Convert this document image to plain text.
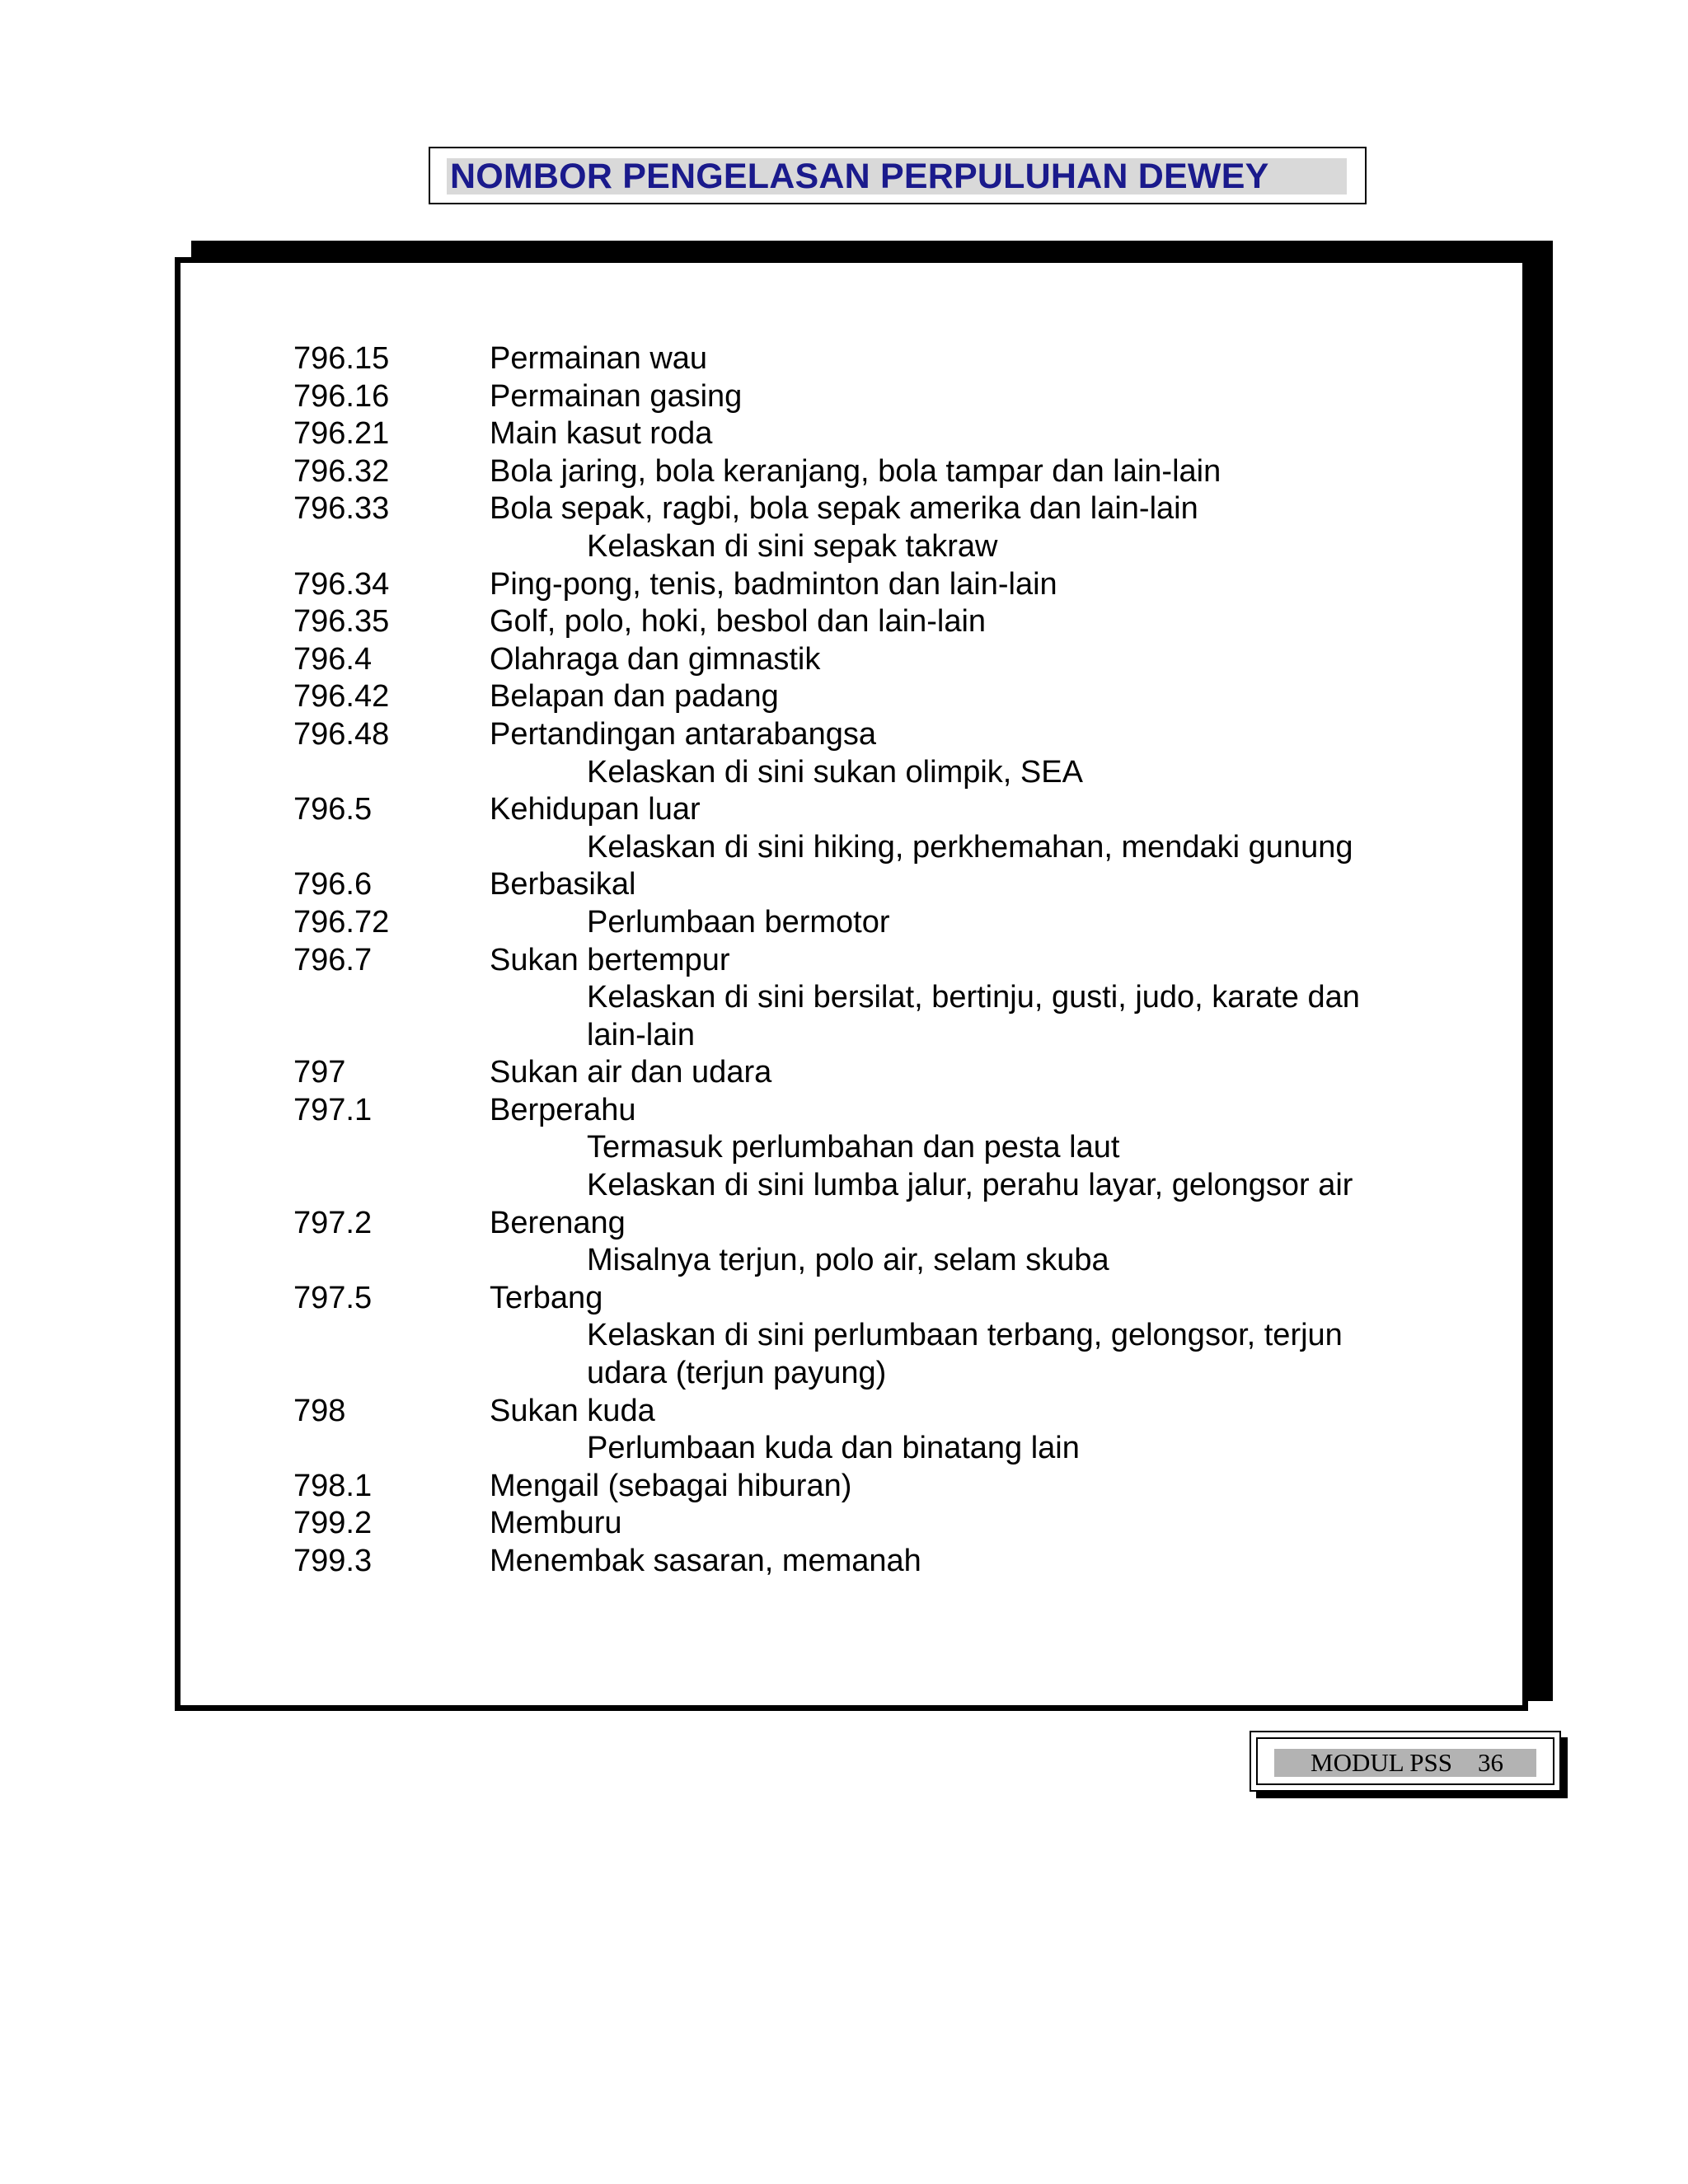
NOMBOR PENGELASAN PERPULUHAN DEWEY
796.15	Permainan wau
796.16	Permainan gasing
796.21	Main kasut roda
796.32	Bola jaring, bola keranjang, bola tampar dan lain-lain
796.33	Bola sepak, ragbi, bola sepak amerika dan lain-lain
Kelaskan di sini sepak takraw
796.34	Ping-pong, tenis, badminton dan lain-lain
796.35	Golf, polo, hoki, besbol dan lain-lain
796.4	Olahraga dan gimnastik
796.42	Belapan dan padang
796.48	Pertandingan antarabangsa
Kelaskan di sini sukan olimpik, SEA
796.5	Kehidupan luar
Kelaskan di sini hiking, perkhemahan, mendaki gunung
796.6	Berbasikal
796.72	Perlumbaan bermotor
796.7	Sukan bertempur
Kelaskan di sini bersilat, bertinju, gusti, judo, karate dan
lain-lain
797	Sukan air dan udara
797.1	Berperahu
Termasuk perlumbahan dan pesta laut
Kelaskan di sini lumba jalur, perahu layar, gelongsor air
797.2	Berenang
Misalnya terjun, polo air, selam skuba
797.5	Terbang
Kelaskan di sini perlumbaan terbang, gelongsor, terjun
udara (terjun payung)
798	Sukan kuda
Perlumbaan kuda dan binatang lain
798.1	Mengail (sebagai hiburan)
799.2	Memburu
799.3	Menembak sasaran, memanah
MODUL PSS    36
